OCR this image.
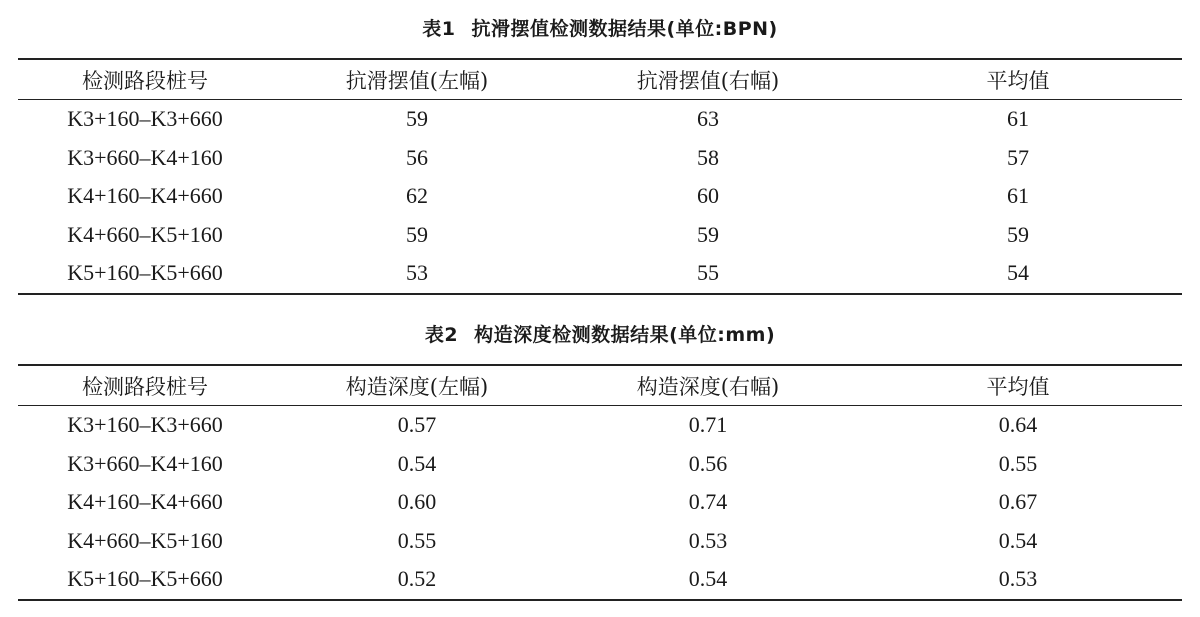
表1 抗滑摆值检测数据结果(单位:BPN)
检测路段桩号	抗滑摆值(左幅)	抗滑摆值(右幅)	平均值
K3+160–K3+660	59	63	61
K3+660–K4+160	56	58	57
K4+160–K4+660	62	60	61
K4+660–K5+160	59	59	59
K5+160–K5+660	53	55	54
表2 构造深度检测数据结果(单位:mm)
检测路段桩号	构造深度(左幅)	构造深度(右幅)	平均值
K3+160–K3+660	0.57	0.71	0.64
K3+660–K4+160	0.54	0.56	0.55
K4+160–K4+660	0.60	0.74	0.67
K4+660–K5+160	0.55	0.53	0.54
K5+160–K5+660	0.52	0.54	0.53
